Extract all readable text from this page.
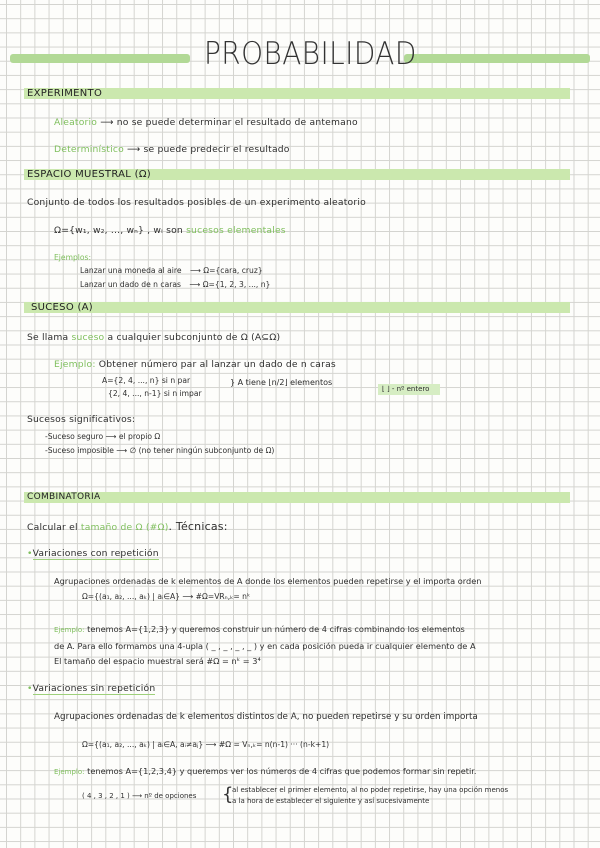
PROBABILIDAD
EXPERIMENTO
Aleatorio ⟶ no se puede determinar el resultado de antemano
Determinístico ⟶ se puede predecir el resultado
ESPACIO MUESTRAL (Ω)
Conjunto de todos los resultados posibles de un experimento aleatorio
Ω={w₁, w₂, ..., wₙ} , wᵢ son sucesos elementales
Ejemplos:
Lanzar una moneda al aire ⟶ Ω={cara, cruz}
Lanzar un dado de n caras ⟶ Ω={1, 2, 3, ..., n}
SUCESO (A)
Se llama suceso a cualquier subconjunto de Ω (A⊆Ω)
Ejemplo: Obtener número par al lanzar un dado de n caras
A={2, 4, ..., n} si n par
{2, 4, ..., n-1} si n impar
} A tiene ⌊n/2⌋ elementos
⌊ ⌋ - nº entero
Sucesos significativos:
-Suceso seguro ⟶ el propio Ω
-Suceso imposible ⟶ ∅ (no tener ningún subconjunto de Ω)
COMBINATORIA
Calcular el tamaño de Ω (#Ω). Técnicas:
•Variaciones con repetición
Agrupaciones ordenadas de k elementos de A donde los elementos pueden repetirse y el importa orden
Ω={(a₁, a₂, ..., aₖ) | aᵢ∈A} ⟶ #Ω=VRₙ,ₖ= nᵏ
Ejemplo: tenemos A={1,2,3} y queremos construir un número de 4 cifras combinando los elementos
de A. Para ello formamos una 4-upla ( _ , _ , _ , _ ) y en cada posición pueda ir cualquier elemento de A
El tamaño del espacio muestral será #Ω = nᵏ = 3⁴
•Variaciones sin repetición
Agrupaciones ordenadas de k elementos distintos de A, no pueden repetirse y su orden importa
Ω={(a₁, a₂, ..., aₖ) | aᵢ∈A, aᵢ≠aⱼ} ⟶ #Ω = Vₙ,ₖ= n(n-1) ··· (n-k+1)
Ejemplo: tenemos A={1,2,3,4} y queremos ver los números de 4 cifras que podemos formar sin repetir.
( 4 , 3 , 2 , 1 ) ⟶ nº de opciones {
al establecer el primer elemento, al no poder repetirse, hay una opción menos
a la hora de establecer el siguiente y así sucesivamente
